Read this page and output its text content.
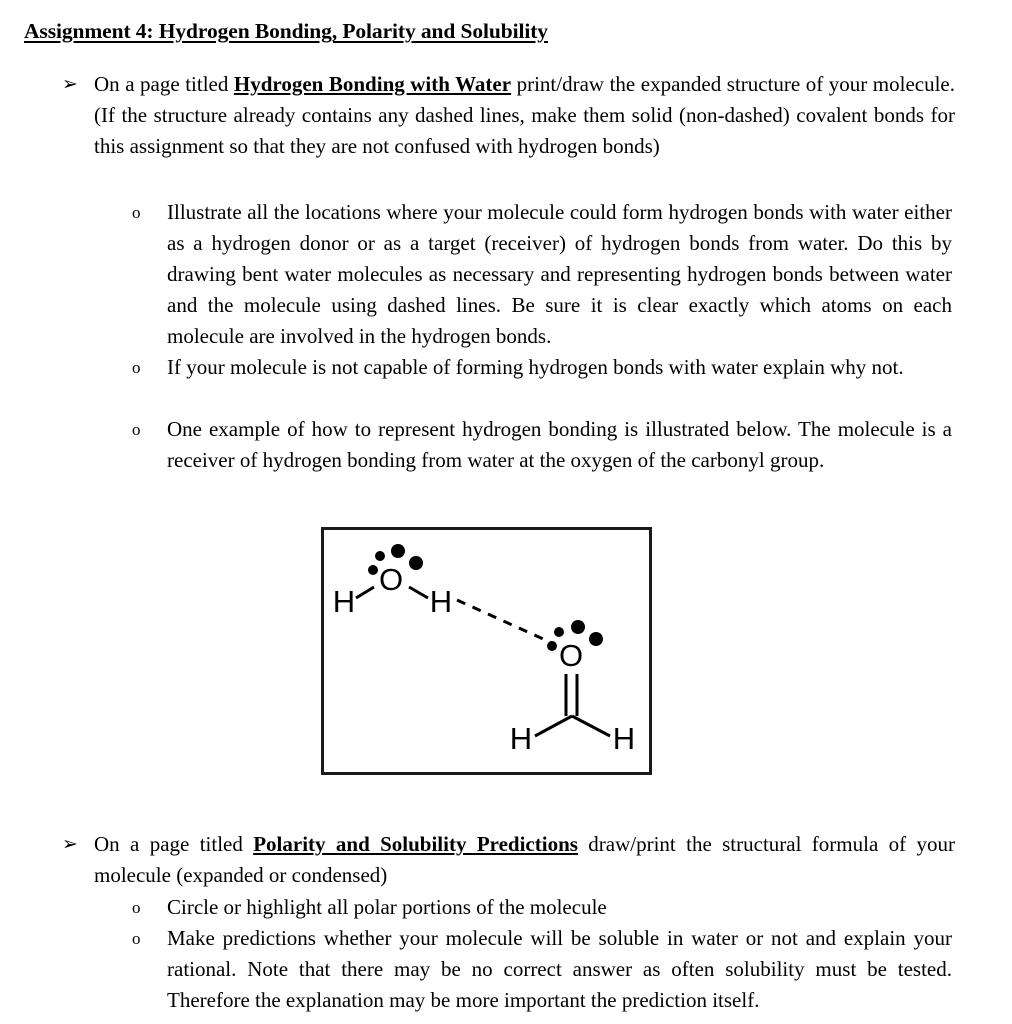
Assignment 4: Hydrogen Bonding, Polarity and Solubility
➢ On a page titled Hydrogen Bonding with Water print/draw the expanded structure of your molecule. (If the structure already contains any dashed lines, make them solid (non-dashed) covalent bonds for this assignment so that they are not confused with hydrogen bonds)
o	Illustrate all the locations where your molecule could form hydrogen bonds with water either as a hydrogen donor or as a target (receiver) of hydrogen bonds from water. Do this by drawing bent water molecules as necessary and representing hydrogen bonds between water and the molecule using dashed lines. Be sure it is clear exactly which atoms on each molecule are involved in the hydrogen bonds.
o	If your molecule is not capable of forming hydrogen bonds with water explain why not.
o	One example of how to represent hydrogen bonding is illustrated below. The molecule is a receiver of hydrogen bonding from water at the oxygen of the carbonyl group.
O
H H
O
H	H
➢ On a page titled Polarity and Solubility Predictions draw/print the structural formula of your molecule (expanded or condensed)
o	Circle or highlight all polar portions of the molecule
o	Make predictions whether your molecule will be soluble in water or not and explain your rational. Note that there may be no correct answer as often solubility must be tested. Therefore the explanation may be more important the prediction itself.
